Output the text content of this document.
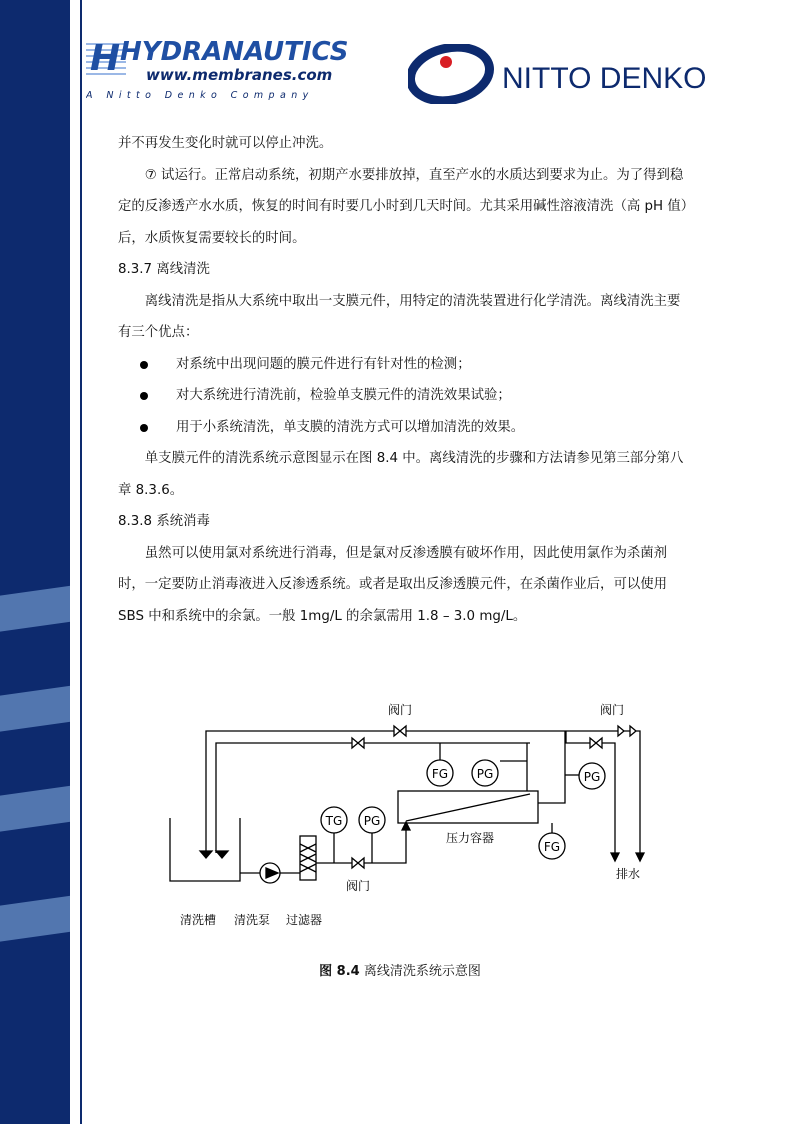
H HYDRANAUTICS
www.membranes.com
A Nitto Denko Company
NITTO DENKO

并不再发生变化时就可以停止冲洗。

⑦ 试运行。正常启动系统，初期产水要排放掉，直至产水的水质达到要求为止。为了得到稳定的反渗透产水水质，恢复的时间有时要几小时到几天时间。尤其采用碱性溶液清洗（高 pH 值）后，水质恢复需要较长的时间。

8.3.7 离线清洗

离线清洗是指从大系统中取出一支膜元件，用特定的清洗装置进行化学清洗。离线清洗主要有三个优点：

对系统中出现问题的膜元件进行有针对性的检测；

对大系统进行清洗前，检验单支膜元件的清洗效果试验；

用于小系统清洗，单支膜的清洗方式可以增加清洗的效果。

单支膜元件的清洗系统示意图显示在图 8.4 中。离线清洗的步骤和方法请参见第三部分第八章 8.3.6。

8.3.8 系统消毒

虽然可以使用氯对系统进行消毒，但是氯对反渗透膜有破坏作用，因此使用氯作为杀菌剂时，一定要防止消毒液进入反渗透系统。或者是取出反渗透膜元件，在杀菌作业后，可以使用 SBS 中和系统中的余氯。一般 1mg/L 的余氯需用 1.8 – 3.0 mg/L。

阀门	阀门
FG PG	PG
TG PG
FG
压力容器
排水
阀门
清洗槽 清洗泵 过滤器
图 8.4 离线清洗系统示意图
